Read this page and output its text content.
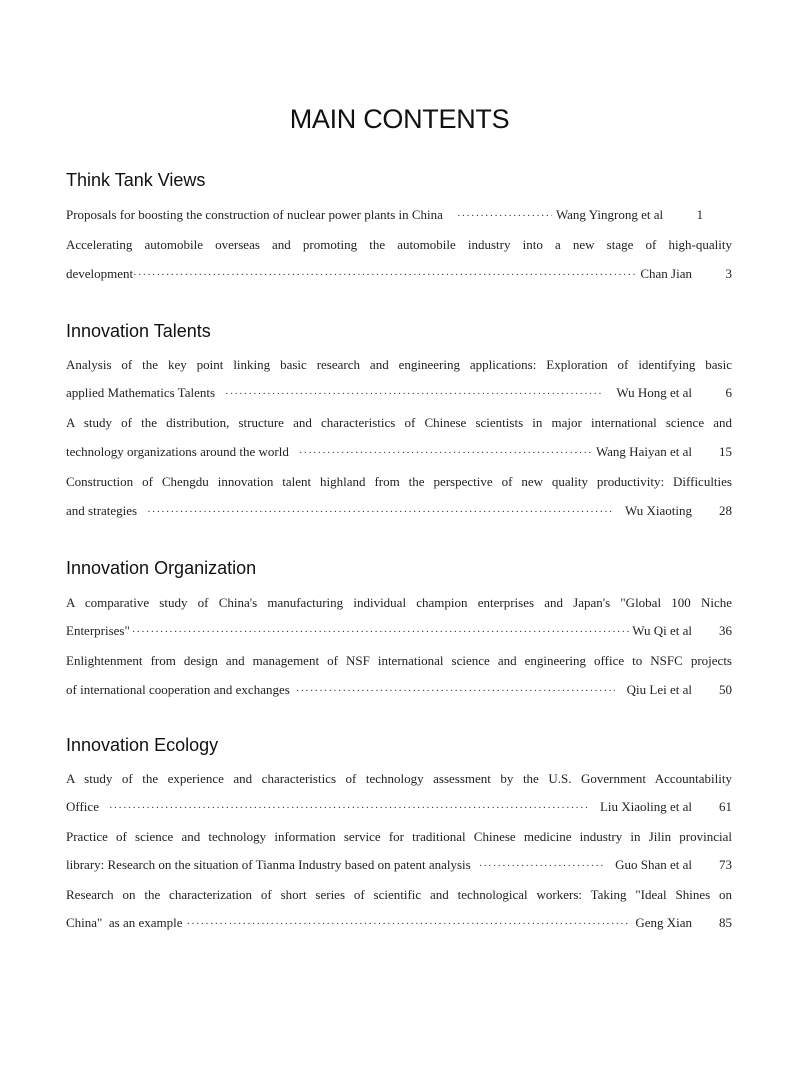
MAIN CONTENTS
Think Tank Views
Proposals for boosting the construction of nuclear power plants in China ·····	Wang Yingrong et al	1
Accelerating automobile overseas and promoting the automobile industry into a new stage of high-quality
development ·····	Chan Jian	3
Innovation Talents
Analysis of the key point linking basic research and engineering applications: Exploration of identifying basic
applied Mathematics Talents ·····	Wu Hong et al	6
A study of the distribution, structure and characteristics of Chinese scientists in major international science and
technology organizations around the world ·····	Wang Haiyan et al	15
Construction of Chengdu innovation talent highland from the perspective of new quality productivity: Difficulties
and strategies ·····	Wu Xiaoting	28
Innovation Organization
A comparative study of China's manufacturing individual champion enterprises and Japan's "Global 100 Niche
Enterprises" ·····	Wu Qi et al	36
Enlightenment from design and management of NSF international science and engineering office to NSFC projects
of international cooperation and exchanges ·····	Qiu Lei et al	50
Innovation Ecology
A study of the experience and characteristics of technology assessment by the U.S. Government Accountability
Office ·····	Liu Xiaoling et al	61
Practice of science and technology information service for traditional Chinese medicine industry in Jilin provincial
library: Research on the situation of Tianma Industry based on patent analysis ·····	Guo Shan et al	73
Research on the characterization of short series of scientific and technological workers: Taking "Ideal Shines on
China"  as an example ·····	Geng Xian	85
